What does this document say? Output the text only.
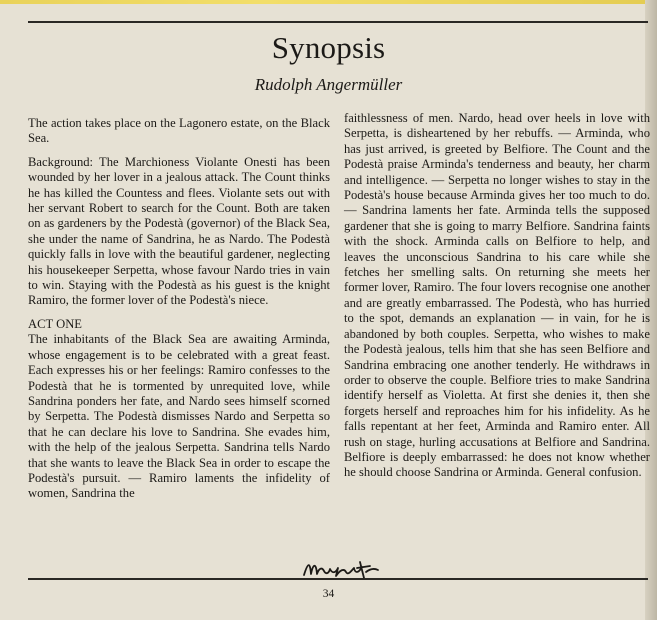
Synopsis
Rudolph Angermüller

The action takes place on the Lagonero estate, on the Black Sea.

Background: The Marchioness Violante Onesti has been wounded by her lover in a jealous attack. The Count thinks he has killed the Countess and flees. Violante sets out with her servant Robert to search for the Count. Both are taken on as gardeners by the Podestà (governor) of the Black Sea, she under the name of Sandrina, he as Nardo. The Podestà quickly falls in love with the beautiful gardener, neglecting his housekeeper Serpetta, whose favour Nardo tries in vain to win. Staying with the Podestà as his guest is the knight Ramiro, the former lover of the Podestà's niece.

ACT ONE

The inhabitants of the Black Sea are awaiting Arminda, whose engagement is to be celebrated with a great feast. Each expresses his or her feelings: Ramiro confesses to the Podestà that he is tormented by unrequited love, while Sandrina ponders her fate, and Nardo sees himself scorned by Serpetta. The Podestà dismisses Nardo and Serpetta so that he can declare his love to Sandrina. She evades him, with the help of the jealous Serpetta. Sandrina tells Nardo that she wants to leave the Black Sea in order to escape the Podestà's pursuit. — Ramiro laments the infidelity of women, Sandrina the

faithlessness of men. Nardo, head over heels in love with Serpetta, is disheartened by her rebuffs. — Arminda, who has just arrived, is greeted by Belfiore. The Count and the Podestà praise Arminda's tenderness and beauty, her charm and intelligence. — Serpetta no longer wishes to stay in the Podestà's house because Arminda gives her too much to do. — Sandrina laments her fate. Arminda tells the supposed gardener that she is going to marry Belfiore. Sandrina faints with the shock. Arminda calls on Belfiore to help, and leaves the unconscious Sandrina to his care while she fetches her smelling salts. On returning she meets her former lover, Ramiro. The four lovers recognise one another and are greatly embarrassed. The Podestà, who has hurried to the spot, demands an explanation — in vain, for he is abandoned by both couples. Serpetta, who wishes to make the Podestà jealous, tells him that she has seen Belfiore and Sandrina embracing one another tenderly. He withdraws in order to observe the couple. Belfiore tries to make Sandrina identify herself as Violetta. At first she denies it, then she forgets herself and reproaches him for his infidelity. As he falls repentant at her feet, Arminda and Ramiro enter. All rush on stage, hurling accusations at Belfiore and Sandrina. Belfiore is deeply embarrassed: he does not know whether he should choose Sandrina or Arminda. General confusion.

34
